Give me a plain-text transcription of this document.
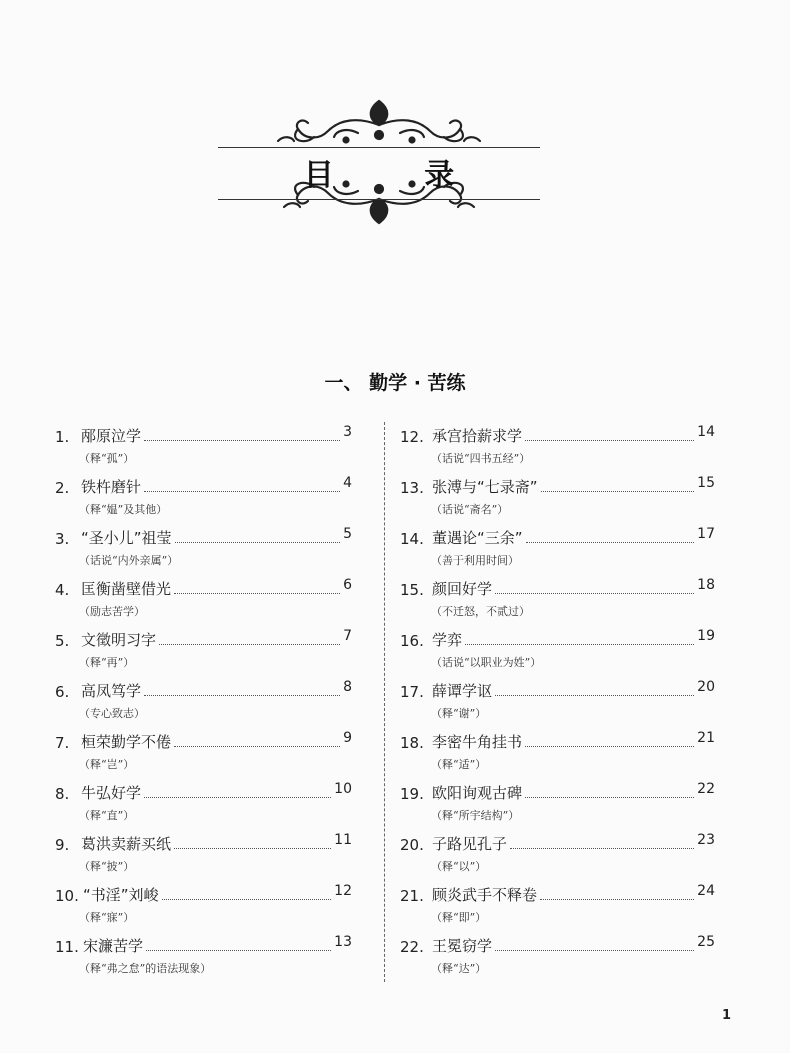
目 录
一、 勤学 · 苦练
1. 邴原泣学	3
（释“孤”）
2. 铁杵磨针	4
（释“媪”及其他）
3. “圣小儿”祖莹	5
（话说“内外亲属”）
4. 匡衡凿壁借光	6
（励志苦学）
5. 文徵明习字	7
（释“再”）
6. 高凤笃学	8
（专心致志）
7. 桓荣勤学不倦	9
（释“岂”）
8. 牛弘好学	10
（释“直”）
9. 葛洪卖薪买纸	11
（释“披”）
10. “书淫”刘峻	12
（释“寐”）
11. 宋濂苦学	13
（释“弗之怠”的语法现象）
12. 承宫拾薪求学	14
（话说“四书五经”）
13. 张溥与“七录斋”	15
（话说“斋名”）
14. 董遇论“三余”	17
（善于利用时间）
15. 颜回好学	18
（不迁怒，不贰过）
16. 学弈	19
（话说“以职业为姓”）
17. 薛谭学讴	20
（释“谢”）
18. 李密牛角挂书	21
（释“适”）
19. 欧阳询观古碑	22
（释“所宇结构”）
20. 子路见孔子	23
（释“以”）
21. 顾炎武手不释卷	24
（释“即”）
22. 王冕窃学	25
（释“达”）
1
